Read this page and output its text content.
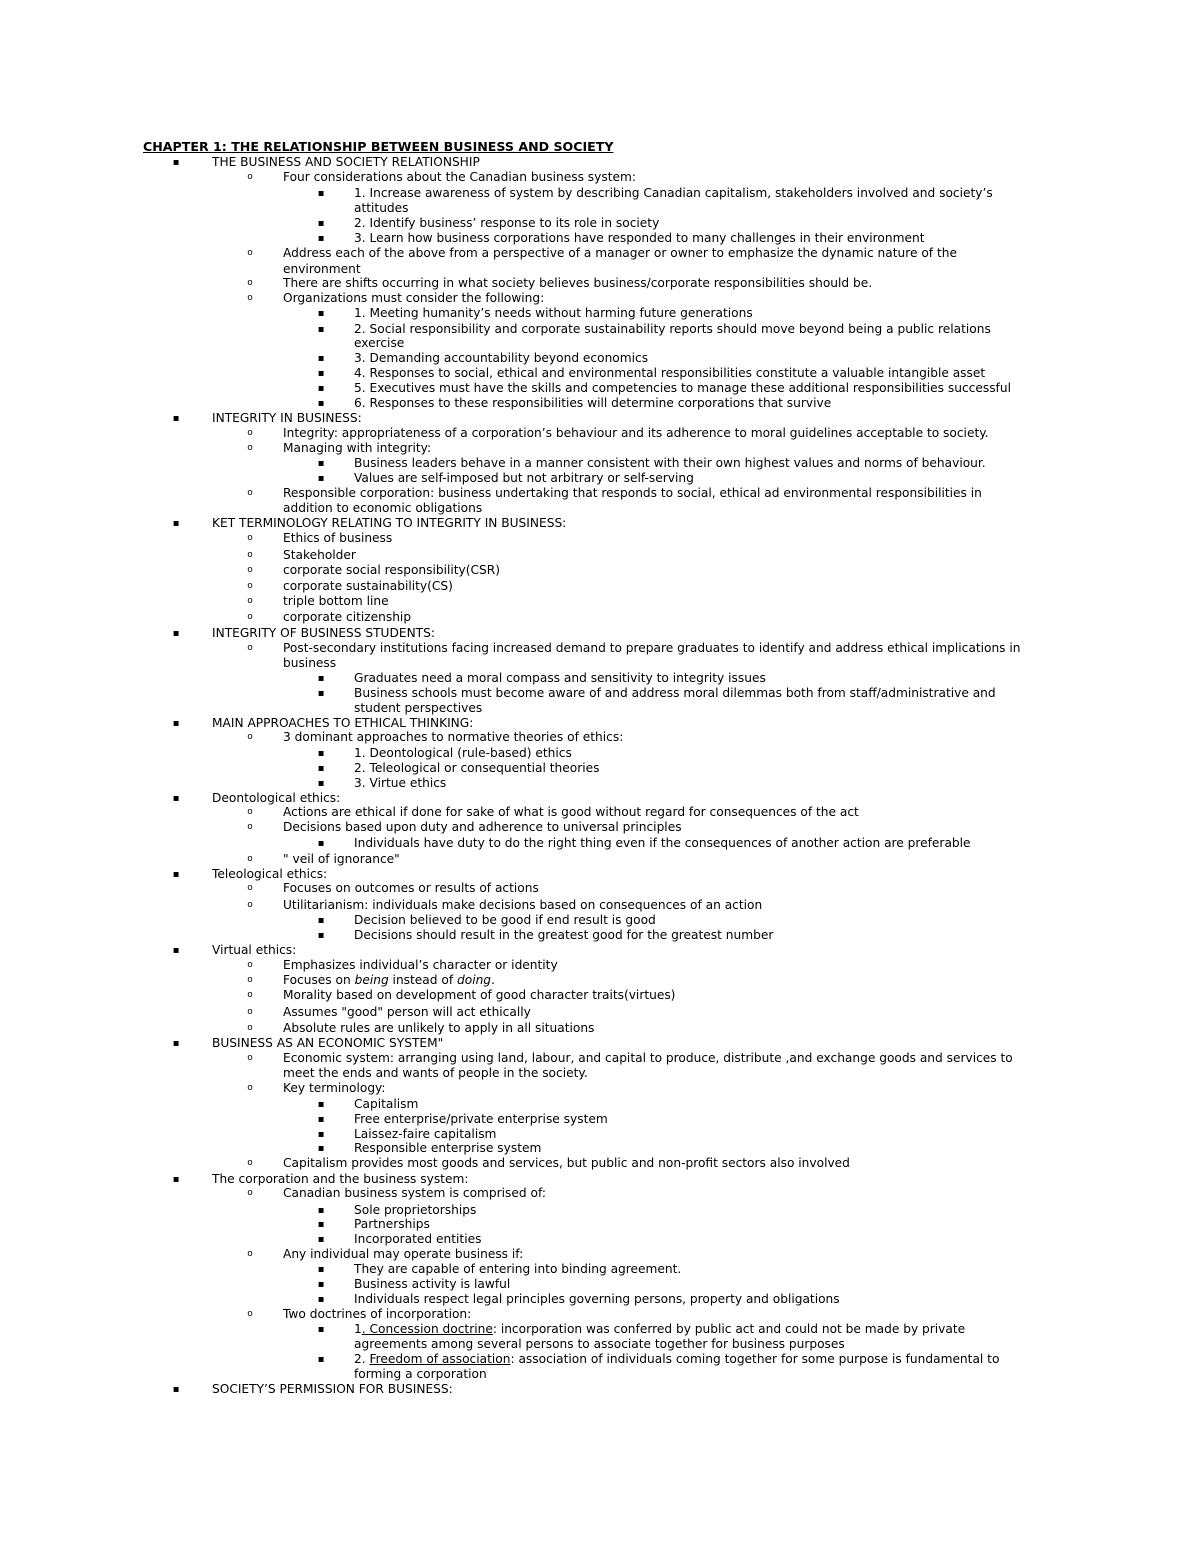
CHAPTER 1: THE RELATIONSHIP BETWEEN BUSINESS AND SOCIETY
▪	THE BUSINESS AND SOCIETY RELATIONSHIP
o	Four considerations about the Canadian business system:
▪	1. Increase awareness of system by describing Canadian capitalism, stakeholders involved and society’s
attitudes
▪	2. Identify business’ response to its role in society
▪	3. Learn how business corporations have responded to many challenges in their environment
o	Address each of the above from a perspective of a manager or owner to emphasize the dynamic nature of the
environment
o	There are shifts occurring in what society believes business/corporate responsibilities should be.
o	Organizations must consider the following:
▪	1. Meeting humanity’s needs without harming future generations
▪	2. Social responsibility and corporate sustainability reports should move beyond being a public relations
exercise
▪	3. Demanding accountability beyond economics
▪	4. Responses to social, ethical and environmental responsibilities constitute a valuable intangible asset
▪	5. Executives must have the skills and competencies to manage these additional responsibilities successful
▪	6. Responses to these responsibilities will determine corporations that survive
▪	INTEGRITY IN BUSINESS:
o	Integrity: appropriateness of a corporation’s behaviour and its adherence to moral guidelines acceptable to society.
o	Managing with integrity:
▪	Business leaders behave in a manner consistent with their own highest values and norms of behaviour.
▪	Values are self-imposed but not arbitrary or self-serving
o	Responsible corporation: business undertaking that responds to social, ethical ad environmental responsibilities in
addition to economic obligations
▪	KET TERMINOLOGY RELATING TO INTEGRITY IN BUSINESS:
o	Ethics of business
o	Stakeholder
o	corporate social responsibility(CSR)
o	corporate sustainability(CS)
o	triple bottom line
o	corporate citizenship
▪	INTEGRITY OF BUSINESS STUDENTS:
o	Post-secondary institutions facing increased demand to prepare graduates to identify and address ethical implications in
business
▪	Graduates need a moral compass and sensitivity to integrity issues
▪	Business schools must become aware of and address moral dilemmas both from staff/administrative and
student perspectives
▪	MAIN APPROACHES TO ETHICAL THINKING:
o	3 dominant approaches to normative theories of ethics:
▪	1. Deontological (rule-based) ethics
▪	2. Teleological or consequential theories
▪	3. Virtue ethics
▪	Deontological ethics:
o	Actions are ethical if done for sake of what is good without regard for consequences of the act
o	Decisions based upon duty and adherence to universal principles
▪	Individuals have duty to do the right thing even if the consequences of another action are preferable
o	" veil of ignorance"
▪	Teleological ethics:
o	Focuses on outcomes or results of actions
o	Utilitarianism: individuals make decisions based on consequences of an action
▪	Decision believed to be good if end result is good
▪	Decisions should result in the greatest good for the greatest number
▪	Virtual ethics:
o	Emphasizes individual’s character or identity
o	Focuses on being instead of doing.
o	Morality based on development of good character traits(virtues)
o	Assumes "good" person will act ethically
o	Absolute rules are unlikely to apply in all situations
▪	BUSINESS AS AN ECONOMIC SYSTEM"
o	Economic system: arranging using land, labour, and capital to produce, distribute ,and exchange goods and services to
meet the ends and wants of people in the society.
o	Key terminology:
▪	Capitalism
▪	Free enterprise/private enterprise system
▪	Laissez-faire capitalism
▪	Responsible enterprise system
o	Capitalism provides most goods and services, but public and non-profit sectors also involved
▪	The corporation and the business system:
o	Canadian business system is comprised of:
▪	Sole proprietorships
▪	Partnerships
▪	Incorporated entities
o	Any individual may operate business if:
▪	They are capable of entering into binding agreement.
▪	Business activity is lawful
▪	Individuals respect legal principles governing persons, property and obligations
o	Two doctrines of incorporation:
▪	1. Concession doctrine: incorporation was conferred by public act and could not be made by private
agreements among several persons to associate together for business purposes
▪	2. Freedom of association: association of individuals coming together for some purpose is fundamental to
forming a corporation
▪	SOCIETY’S PERMISSION FOR BUSINESS:
